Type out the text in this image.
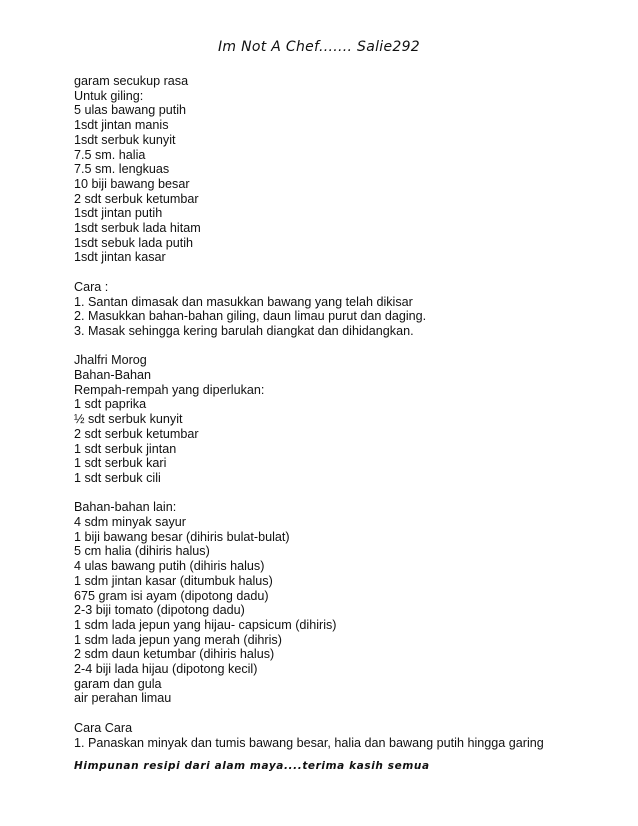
Im Not A Chef....... Salie292
garam secukup rasa
Untuk giling:
5 ulas bawang putih
1sdt jintan manis
1sdt serbuk kunyit
7.5 sm. halia
7.5 sm. lengkuas
10 biji bawang besar
2 sdt serbuk ketumbar
1sdt jintan putih
1sdt serbuk lada hitam
1sdt sebuk lada putih
1sdt jintan kasar
Cara :
1. Santan dimasak dan masukkan bawang yang telah dikisar
2. Masukkan bahan-bahan giling, daun limau purut dan daging.
3. Masak sehingga kering barulah diangkat dan dihidangkan.
Jhalfri Morog
Bahan-Bahan
Rempah-rempah yang diperlukan:
1 sdt paprika
½ sdt serbuk kunyit
2 sdt serbuk ketumbar
1 sdt serbuk jintan
1 sdt serbuk kari
1 sdt serbuk cili
Bahan-bahan lain:
4 sdm minyak sayur
1 biji bawang besar (dihiris bulat-bulat)
5 cm halia (dihiris halus)
4 ulas bawang putih (dihiris halus)
1 sdm jintan kasar (ditumbuk halus)
675 gram isi ayam (dipotong dadu)
2-3 biji tomato (dipotong dadu)
1 sdm lada jepun yang hijau- capsicum (dihiris)
1 sdm lada jepun yang merah (dihris)
2 sdm daun ketumbar (dihiris halus)
2-4 biji lada hijau (dipotong kecil)
garam dan gula
air perahan limau
Cara Cara
1. Panaskan minyak dan tumis bawang besar, halia dan bawang putih hingga garing
Himpunan resipi dari alam maya....terima kasih semua
